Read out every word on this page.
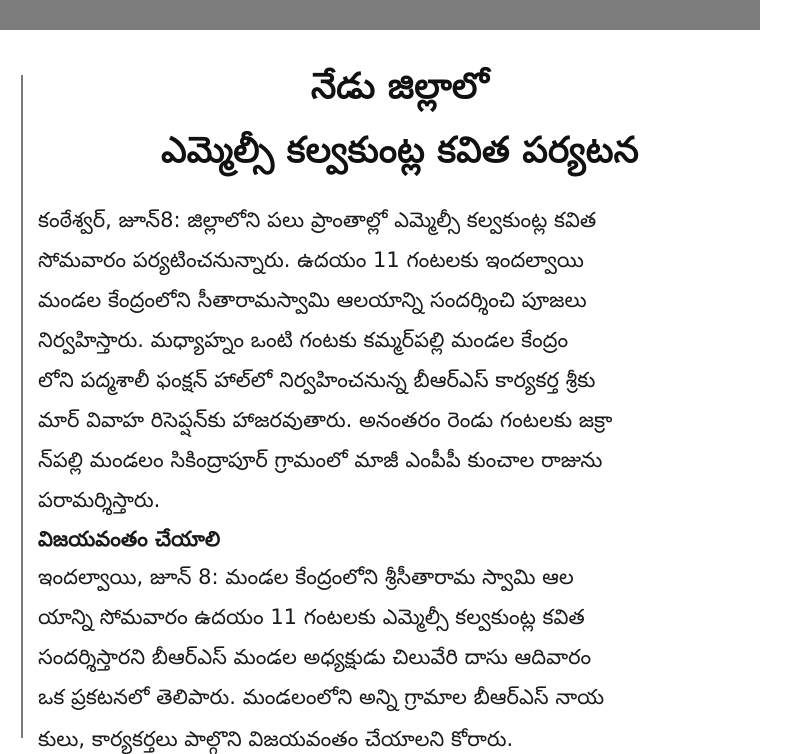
నేడు జిల్లాలో
ఎమ్మెల్సీ కల్వకుంట్ల కవిత పర్యటన
కంఠేశ్వర్, జూన్8: జిల్లాలోని పలు ప్రాంతాల్లో ఎమ్మెల్సీ కల్వకుంట్ల కవిత
సోమవారం పర్యటించనున్నారు. ఉదయం 11 గంటలకు ఇందల్వాయి
మండల కేంద్రంలోని సీతారామస్వామి ఆలయాన్ని సందర్శించి పూజలు
నిర్వహిస్తారు. మధ్యాహ్నం ఒంటి గంటకు కమ్మర్‌పల్లి మండల కేంద్రం
లోని పద్మశాలీ ఫంక్షన్ హాల్‌లో నిర్వహించనున్న బీఆర్ఎస్ కార్యకర్త శ్రీకు
మార్ వివాహ రిసెప్షన్‌కు హాజరవుతారు. అనంతరం రెండు గంటలకు జక్రా
న్‌పల్లి మండలం సికింద్రాపూర్ గ్రామంలో మాజీ ఎంపీపీ కుంచాల రాజును
పరామర్శిస్తారు.
విజయవంతం చేయాలి
ఇందల్వాయి, జూన్ 8: మండల కేంద్రంలోని శ్రీసీతారామ స్వామి ఆల
యాన్ని సోమవారం ఉదయం 11 గంటలకు ఎమ్మెల్సీ కల్వకుంట్ల కవిత
సందర్శిస్తారని బీఆర్ఎస్ మండల అధ్యక్షుడు చిలువేరి దాసు ఆదివారం
ఒక ప్రకటనలో తెలిపారు. మండలంలోని అన్ని గ్రామాల బీఆర్ఎస్ నాయ
కులు, కార్యకర్తలు పాల్గొని విజయవంతం చేయాలని కోరారు.
